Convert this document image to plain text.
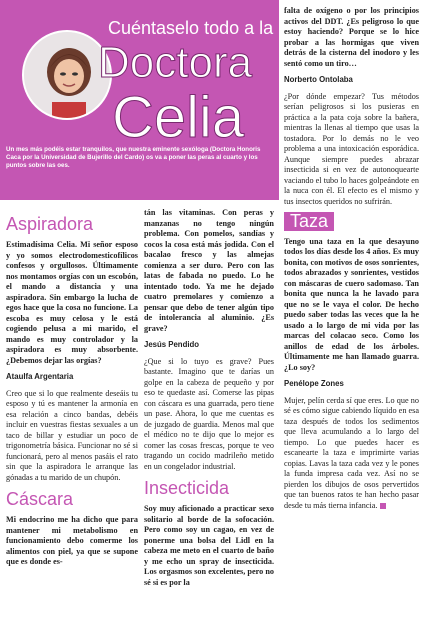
Cuéntaselo todo a la
Doctora
Celia
Un mes más podéis estar tranquilos, que nuestra eminente sexóloga (Doctora Honoris Caca por la Universidad de Bujerillo del Cardo) os va a poner las peras al cuarto y los puntos sobre las oes.
Aspiradora

Estimadísima Celia. Mi señor esposo y yo somos electrodomesticofílicos confesos y orgullosos. Últimamente nos montamos orgías con un escobón, el mando a distancia y una aspiradora. Sin embargo la lucha de egos hace que la cosa no funcione. La escoba es muy celosa y le está cogiendo pelusa a mi marido, el mando es muy controlador y la aspiradora es muy absorbente. ¿Debemos dejar las orgías?

Ataulfa Argentaria

Creo que si lo que realmente deseáis tu esposo y tú es mantener la armonía en esa relación a cinco bandas, debéis incluir en vuestras fiestas sexuales a un taco de billar y estudiar un poco de trigonometría básica. Funcionar no sé si funcionará, pero al menos pasáis el rato sin que la aspiradora le arranque las gónadas a tu marido de un chupón.

Cáscara

Mi endocrino me ha dicho que para mantener mi metabolismo en funcionamiento debo comerme los alimentos con piel, ya que se supone que es donde es-

tán las vitaminas. Con peras y manzanas no tengo ningún problema. Con pomelos, sandías y cocos la cosa está más jodida. Con el bacalao fresco y las almejas comienza a ser duro. Pero con las latas de fabada no puedo. Lo he intentado todo. Ya me he dejado cuatro premolares y comienzo a pensar que debo de tener algún tipo de intolerancia al aluminio. ¿Es grave?

Jesús Pendido

¿Que si lo tuyo es grave? Pues bastante. Imagino que te darías un golpe en la cabeza de pequeño y por eso te quedaste así. Comerse las pipas con cáscara es una guarrada, pero tiene un pase. Ahora, lo que me cuentas es de juzgado de guardia. Menos mal que el médico no te dijo que lo mejor es comer las cosas frescas, porque te veo tragando un cocido madrileño metido en un congelador industrial.

Insecticida

Soy muy aficionado a practicar sexo solitario al borde de la sofocación. Pero como soy un cagao, en vez de ponerme una bolsa del Lidl en la cabeza me meto en el cuarto de baño y me echo un spray de insecticida. Los orgasmos son excelentes, pero no sé si es por la

falta de oxígeno o por los principios activos del DDT. ¿Es peligroso lo que estoy haciendo? Porque se lo hice probar a las hormigas que viven detrás de la cisterna del inodoro y les sentó como un tiro…

Norberto Ontolaba

¿Por dónde empezar? Tus métodos serían peligrosos si los pusieras en práctica a la pata coja sobre la bañera, mientras la llenas al tiempo que usas la tostadora. Por lo demás no le veo problema a una intoxicación esporádica. Aunque siempre puedes abrazar insecticida si en vez de autonoquearte vaciando el tubo lo haces golpeándote en la nuca con él. El efecto es el mismo y tus insectos queridos no sufrirán.

Taza

Tengo una taza en la que desayuno todos los días desde los 4 años. Es muy bonita, con motivos de osos sonrientes, todos abrazados y sonrientes, vestidos con máscaras de cuero sadomaso. Tan bonita que nunca la he lavado para que no se le vaya el color. De hecho puedo saber todas las veces que la he usado a lo largo de mi vida por las marcas del colacao seco. Como los anillos de edad de los árboles. Últimamente me han llamado guarra. ¿Lo soy?

Penélope Zones

Mujer, pelín cerda sí que eres. Lo que no sé es cómo sigue cabiendo líquido en esa taza después de todos los sedimentos que lleva acumulando a lo largo del tiempo. Lo que puedes hacer es escanearte la taza e imprimirte varias copias. Lavas la taza cada vez y le pones la funda impresa cada vez. Así no se pierden los dibujos de osos pervertidos que tan buenos ratos te han hecho pasar desde tu más tierna infancia.
